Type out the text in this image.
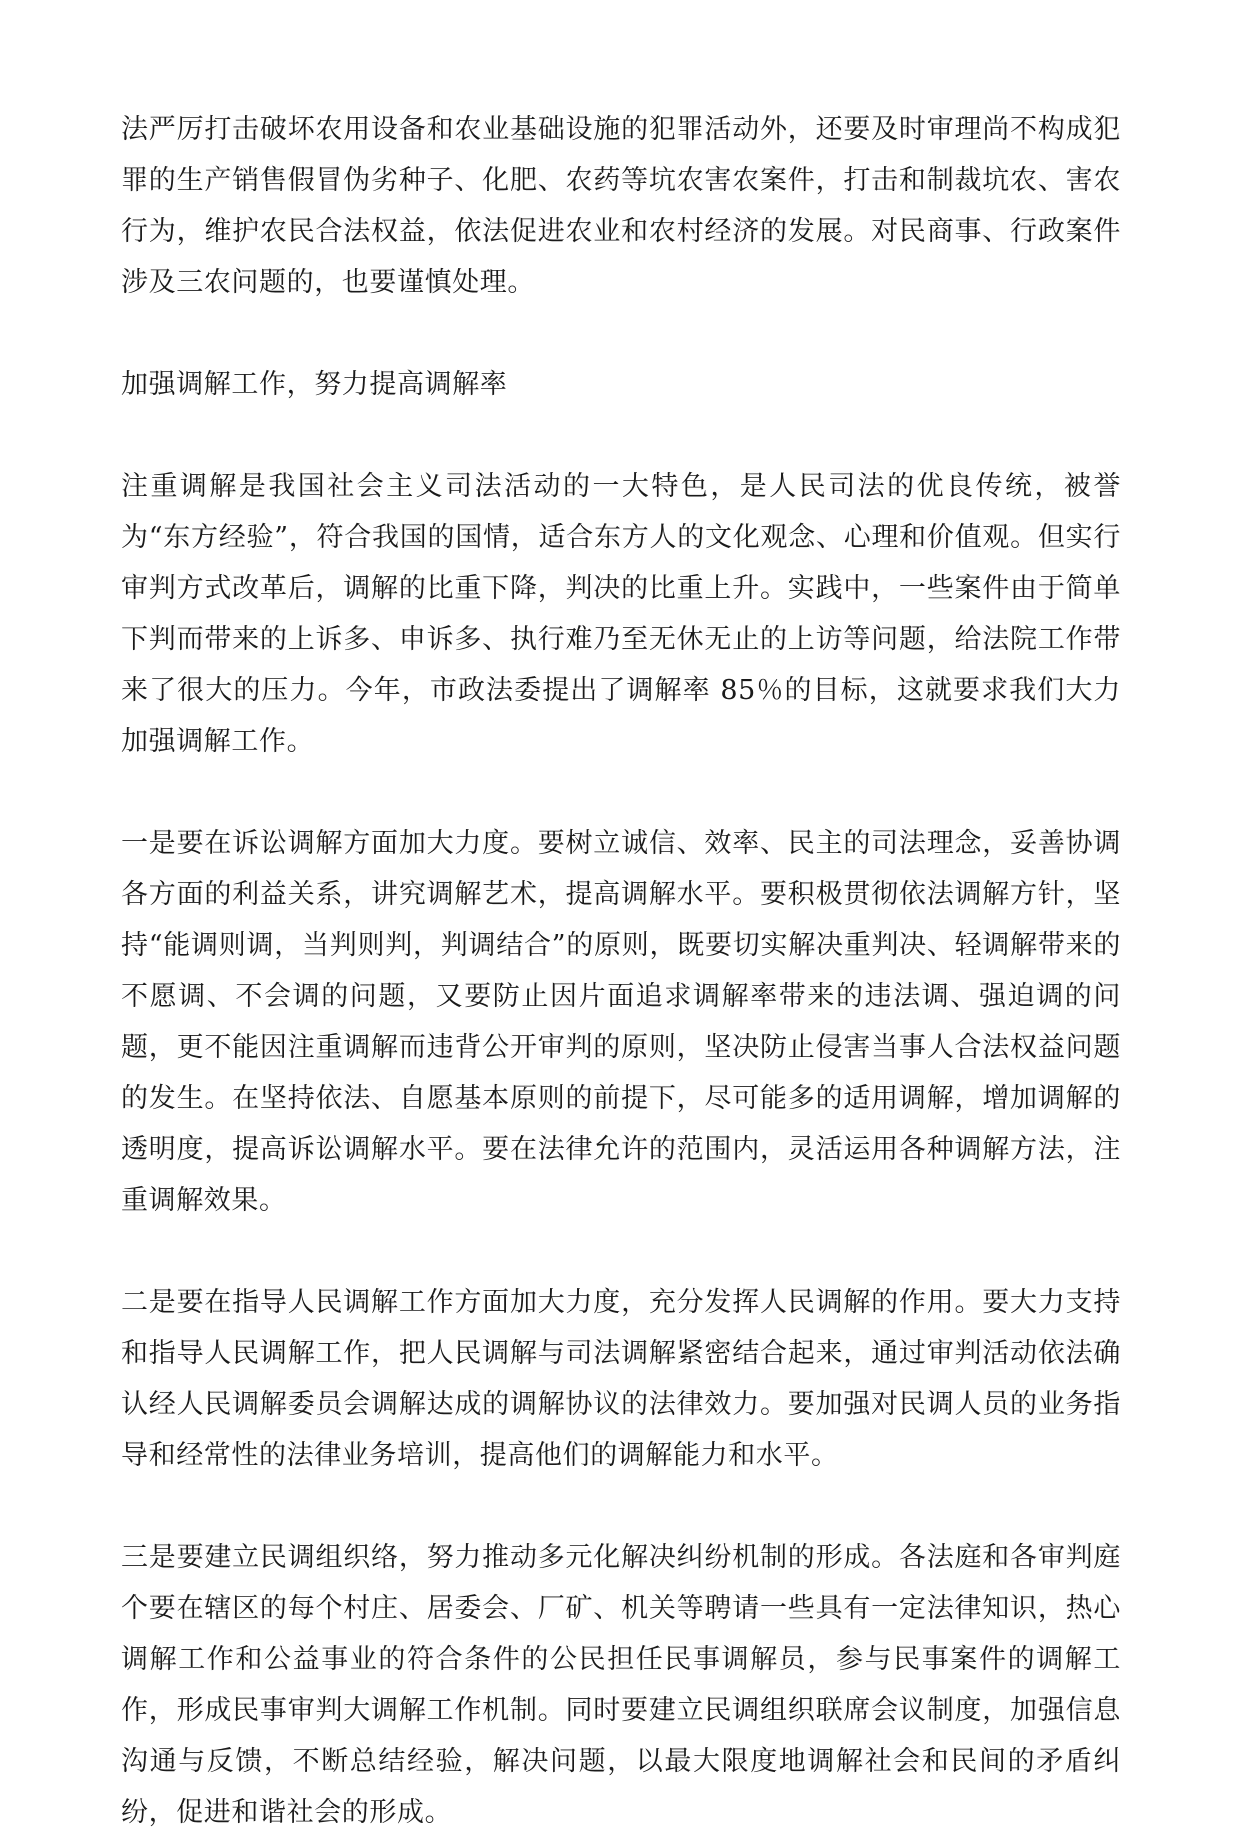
法严厉打击破坏农用设备和农业基础设施的犯罪活动外，还要及时审理尚不构成犯罪的生产销售假冒伪劣种子、化肥、农药等坑农害农案件，打击和制裁坑农、害农行为，维护农民合法权益，依法促进农业和农村经济的发展。对民商事、行政案件涉及三农问题的，也要谨慎处理。

加强调解工作，努力提高调解率

注重调解是我国社会主义司法活动的一大特色，是人民司法的优良传统，被誉为“东方经验”，符合我国的国情，适合东方人的文化观念、心理和价值观。但实行审判方式改革后，调解的比重下降，判决的比重上升。实践中，一些案件由于简单下判而带来的上诉多、申诉多、执行难乃至无休无止的上访等问题，给法院工作带来了很大的压力。今年，市政法委提出了调解率 85％的目标，这就要求我们大力加强调解工作。

一是要在诉讼调解方面加大力度。要树立诚信、效率、民主的司法理念，妥善协调各方面的利益关系，讲究调解艺术，提高调解水平。要积极贯彻依法调解方针，坚持“能调则调，当判则判，判调结合”的原则，既要切实解决重判决、轻调解带来的不愿调、不会调的问题，又要防止因片面追求调解率带来的违法调、强迫调的问题，更不能因注重调解而违背公开审判的原则，坚决防止侵害当事人合法权益问题的发生。在坚持依法、自愿基本原则的前提下，尽可能多的适用调解，增加调解的透明度，提高诉讼调解水平。要在法律允许的范围内，灵活运用各种调解方法，注重调解效果。

二是要在指导人民调解工作方面加大力度，充分发挥人民调解的作用。要大力支持和指导人民调解工作，把人民调解与司法调解紧密结合起来，通过审判活动依法确认经人民调解委员会调解达成的调解协议的法律效力。要加强对民调人员的业务指导和经常性的法律业务培训，提高他们的调解能力和水平。

三是要建立民调组织络，努力推动多元化解决纠纷机制的形成。各法庭和各审判庭个要在辖区的每个村庄、居委会、厂矿、机关等聘请一些具有一定法律知识，热心调解工作和公益事业的符合条件的公民担任民事调解员，参与民事案件的调解工作，形成民事审判大调解工作机制。同时要建立民调组织联席会议制度，加强信息沟通与反馈，不断总结经验，解决问题，以最大限度地调解社会和民间的矛盾纠纷，促进和谐社会的形成。
